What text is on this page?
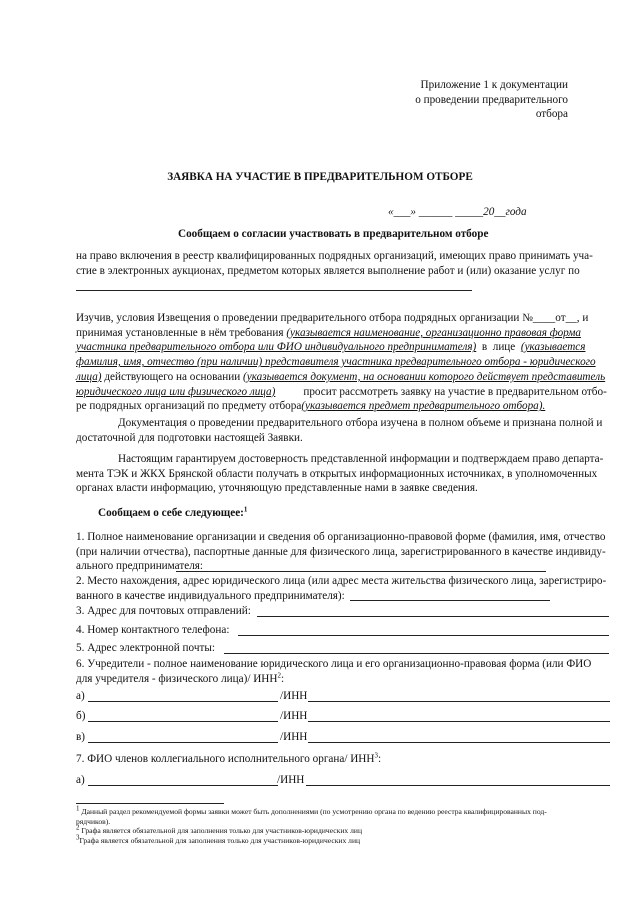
Приложение 1 к документации
о проведении предварительного
отбора
ЗАЯВКА НА УЧАСТИЕ В ПРЕДВАРИТЕЛЬНОМ ОТБОРЕ
«___» ______ _____20__года
Сообщаем о согласии участвовать в предварительном отборе
на право включения в реестр квалифицированных подрядных организаций, имеющих право принимать уча-
стие в электронных аукционах, предметом которых является выполнение работ и (или) оказание услуг по
Изучив, условия Извещения о проведении предварительного отбора подрядных организации №____от__, и
принимая установленные в нём требования (указывается наименование, организационно правовая форма
участника предварительного отбора или ФИО индивидуального предпринимателя)  в  лице  (указывается
фамилия, имя, отчество (при наличии) представителя участника предварительного отбора - юридического
лица) действующего на основании (указывается документ, на основании которого действует представитель
юридического лица или физического лица)          просит рассмотреть заявку на участие в предварительном отбо-
ре подрядных организаций по предмету отбора(указывается предмет предварительного отбора).
Документация о проведении предварительного отбора изучена в полном объеме и признана полной и
достаточной для подготовки настоящей Заявки.
Настоящим гарантируем достоверность представленной информации и подтверждаем право департа-
мента ТЭК и ЖКХ Брянской области получать в открытых информационных источниках, в уполномоченных
органах власти информацию, уточняющую представленные нами в заявке сведения.
Сообщаем о себе следующее:$^1$
1. Полное наименование организации и сведения об организационно-правовой форме (фамилия, имя, отчество
(при наличии отчества), паспортные данные для физического лица, зарегистрированного в качестве индивиду-
ального предпринимателя:
2. Место нахождения, адрес юридического лица (или адрес места жительства физического лица, зарегистриро-
ванного в качестве индивидуального предпринимателя):
3. Адрес для почтовых отправлений:
4. Номер контактного телефона:
5. Адрес электронной почты:
6. Учредители - полное наименование юридического лица и его организационно-правовая форма (или ФИО
для учредителя - физического лица)/ ИНН$^2$:
а)	/ИНН
б)	/ИНН
в)	/ИНН
7. ФИО членов коллегиального исполнительного органа/ ИНН$^3$:
а)	/ИНН
$^1$ Данный раздел рекомендуемой формы заявки может быть дополнениями (по усмотрению органа по ведению реестра квалифицированных под-
рядчиков).
$^2$ Графа является обязательной для заполнения только для участников-юридических лиц
$^3$Графа является обязательной для заполнения только для участников-юридических лиц
